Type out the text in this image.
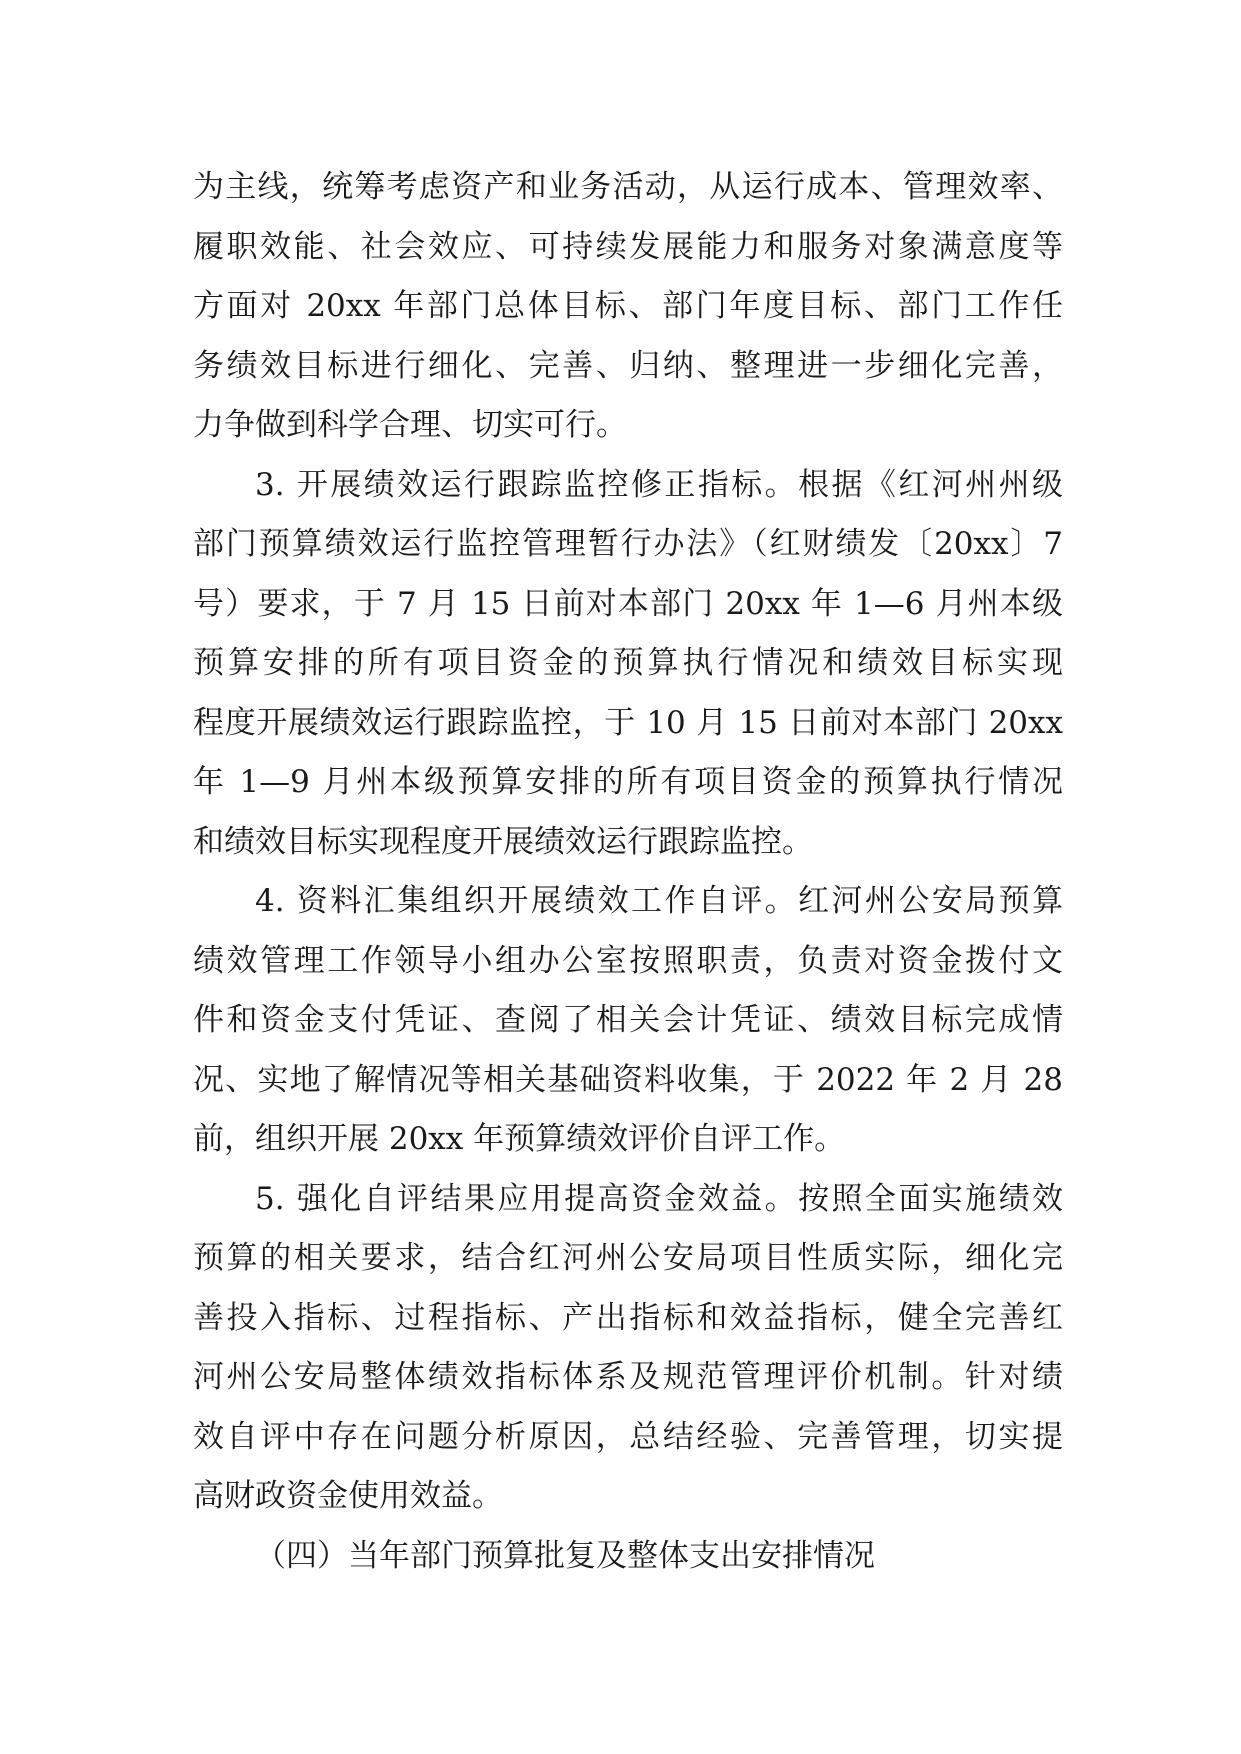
为主线，统筹考虑资产和业务活动，从运行成本、管理效率、
履职效能、社会效应、可持续发展能力和服务对象满意度等
方面对 20xx 年部门总体目标、部门年度目标、部门工作任
务绩效目标进行细化、完善、归纳、整理进一步细化完善，
力争做到科学合理、切实可行。
3. 开展绩效运行跟踪监控修正指标。根据《红河州州级
部门预算绩效运行监控管理暂行办法》（红财绩发〔20xx〕7
号）要求，于 7 月 15 日前对本部门 20xx 年 1—6 月州本级
预算安排的所有项目资金的预算执行情况和绩效目标实现
程度开展绩效运行跟踪监控，于 10 月 15 日前对本部门 20xx
年 1—9 月州本级预算安排的所有项目资金的预算执行情况
和绩效目标实现程度开展绩效运行跟踪监控。
4. 资料汇集组织开展绩效工作自评。红河州公安局预算
绩效管理工作领导小组办公室按照职责，负责对资金拨付文
件和资金支付凭证、查阅了相关会计凭证、绩效目标完成情
况、实地了解情况等相关基础资料收集，于 2022 年 2 月 28
前，组织开展 20xx 年预算绩效评价自评工作。
5. 强化自评结果应用提高资金效益。按照全面实施绩效
预算的相关要求，结合红河州公安局项目性质实际，细化完
善投入指标、过程指标、产出指标和效益指标，健全完善红
河州公安局整体绩效指标体系及规范管理评价机制。针对绩
效自评中存在问题分析原因，总结经验、完善管理，切实提
高财政资金使用效益。
（四）当年部门预算批复及整体支出安排情况
